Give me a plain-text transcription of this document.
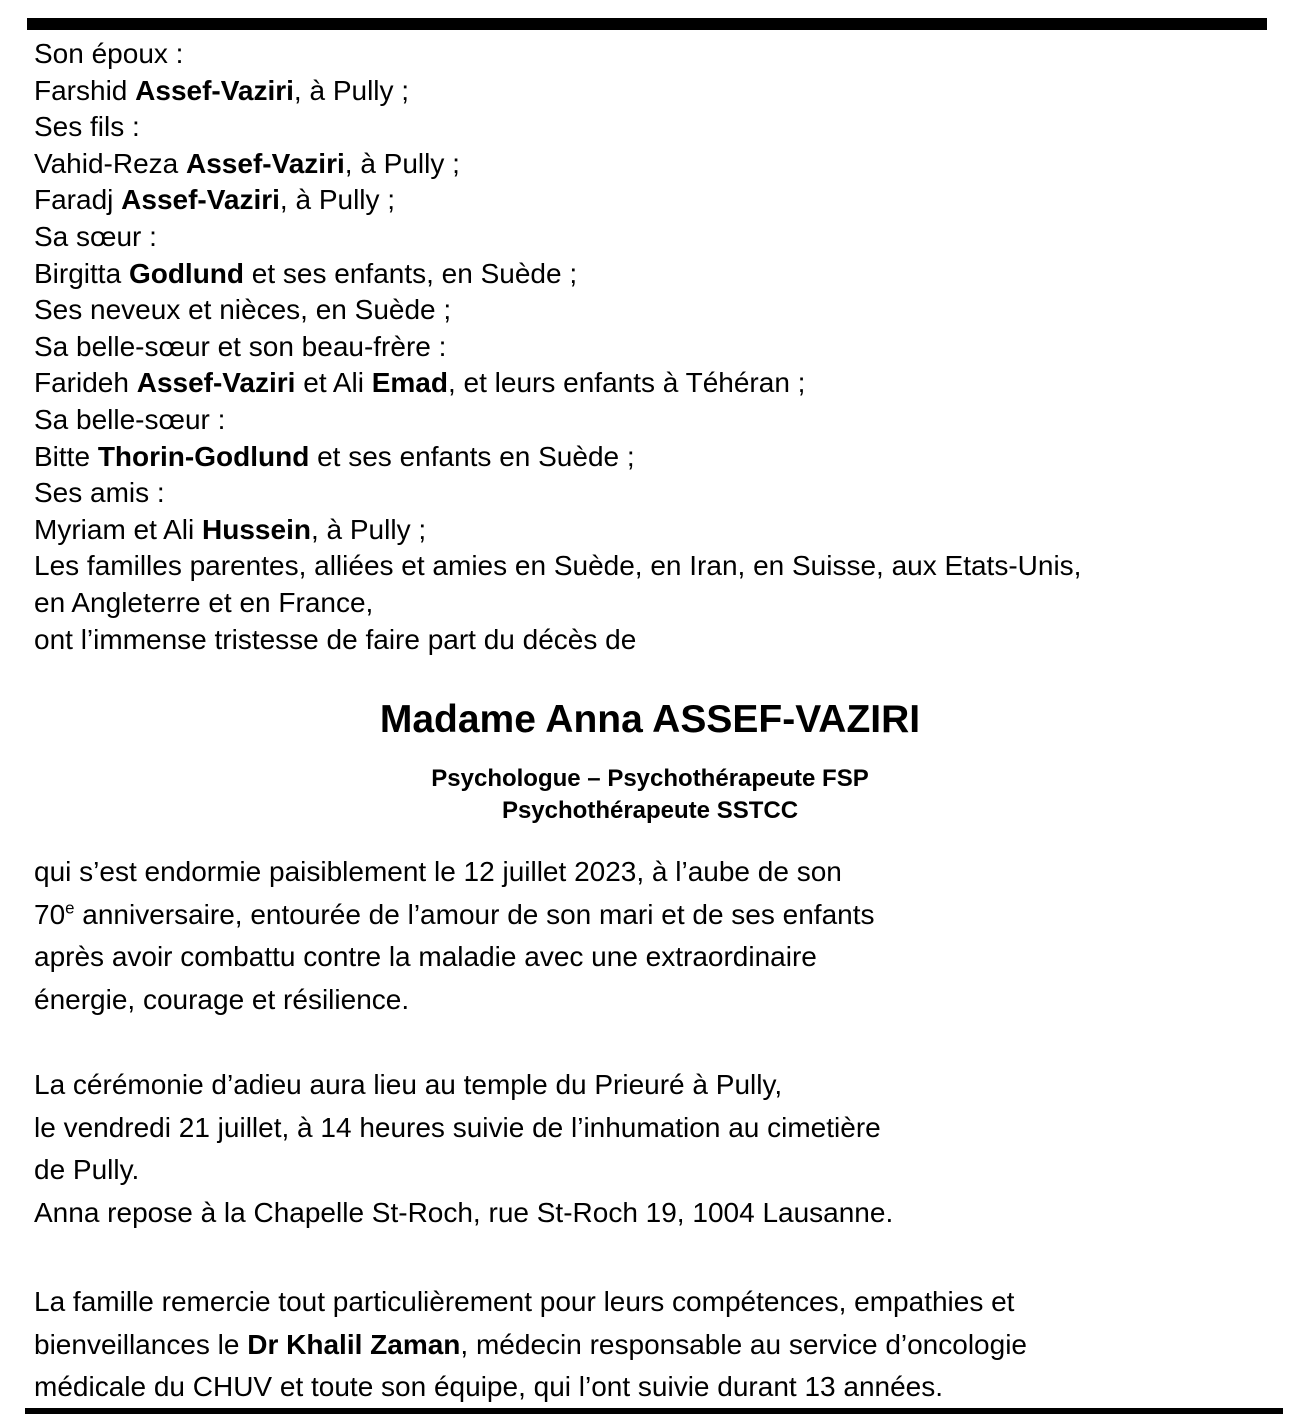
Son époux :
Farshid Assef-Vaziri, à Pully ;
Ses fils :
Vahid-Reza Assef-Vaziri, à Pully ;
Faradj Assef-Vaziri, à Pully ;
Sa sœur :
Birgitta Godlund et ses enfants, en Suède ;
Ses neveux et nièces, en Suède ;
Sa belle-sœur et son beau-frère :
Farideh Assef-Vaziri et Ali Emad, et leurs enfants à Téhéran ;
Sa belle-sœur :
Bitte Thorin-Godlund et ses enfants en Suède ;
Ses amis :
Myriam et Ali Hussein, à Pully ;
Les familles parentes, alliées et amies en Suède, en Iran, en Suisse, aux Etats-Unis,
en Angleterre et en France,
ont l’immense tristesse de faire part du décès de
Madame Anna ASSEF-VAZIRI
Psychologue – Psychothérapeute FSP
Psychothérapeute SSTCC
qui s’est endormie paisiblement le 12 juillet 2023, à l’aube de son
70e anniversaire, entourée de l’amour de son mari et de ses enfants
après avoir combattu contre la maladie avec une extraordinaire
énergie, courage et résilience.
La cérémonie d’adieu aura lieu au temple du Prieuré à Pully,
le vendredi 21 juillet, à 14 heures suivie de l’inhumation au cimetière
de Pully.
Anna repose à la Chapelle St-Roch, rue St-Roch 19, 1004 Lausanne.
La famille remercie tout particulièrement pour leurs compétences, empathies et
bienveillances le Dr Khalil Zaman, médecin responsable au service d’oncologie
médicale du CHUV et toute son équipe, qui l’ont suivie durant 13 années.
